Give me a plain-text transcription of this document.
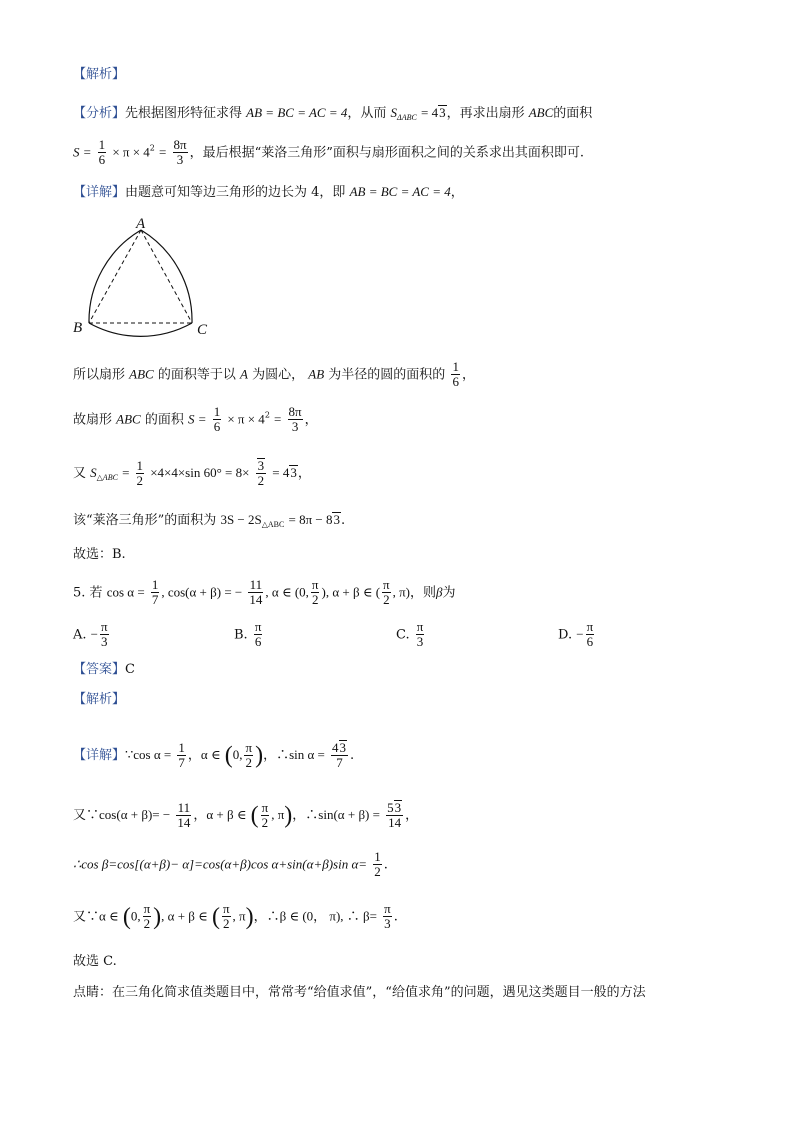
【解析】
【分析】先根据图形特征求得 AB = BC = AC = 4，从而 $S_{\Delta ABC} = 43$，再求出扇形 ABC的面积
$S = \frac{1}{6} \times \pi \times 4^2 = \frac{8\pi}{3}$ ，最后根据“莱洛三角形”面积与扇形面积之间的关系求出其面积即可.
【详解】由题意可知等边三角形的边长为 4，即 AB = BC = AC = 4，
A
B	C
所以扇形 ABC 的面积等于以 A 为圆心， AB 为半径的圆的面积的 $\frac{1}{6}$ ，
故扇形 ABC 的面积 $S = \frac{1}{6} \times \pi \times 4^2 = \frac{8\pi}{3}$ ，
又 $S_{\triangle ABC} = \frac{1}{2} \times 4\times 4\times\sin$ $60^\circ = 8\times \frac{3}{2} = 43$，
该“莱洛三角形”的面积为 $3S - 2S_{\triangle ABC} = 8\pi - 83$.
故选：B.
5. 若 $\cos \alpha = \frac{1}{7}$ , cos(α + β) = − $\frac{11}{14}$ , α ∈ (0, $\frac{\pi}{2}$ ), α + β ∈ ( $\frac{\pi}{2}$ , π)，则β为
A. − $\frac{\pi}{3}$	B. $\frac{\pi}{6}$	C. $\frac{\pi}{3}$	D. − $\frac{\pi}{6}$
【答案】C
【解析】
【详解】∵cos $\alpha = \frac{1}{7}$ ，α ∈ (0, $\frac{\pi}{2}$ )，∴sin $\alpha = \frac{43}{7}$ .
又∵cos(α + $\beta)= - \frac{11}{14}$ ，α + β ∈ ( $\frac{\pi}{2}$ , π)，∴sin(α + $\beta) = \frac{53}{14}$ ，
∴cos β=cos[(α+β)− α]=cos(α+β)cos α+sin(α+β)sin $\alpha= \frac{1}{2}$ .
又∵α ∈ (0, $\frac{\pi}{2}$ ), α + β ∈ ( $\frac{\pi}{2}$ , π)，∴β ∈ (0， π), ∴ $\beta= \frac{\pi}{3}$ .
故选 C.
点睛：在三角化简求值类题目中，常常考“给值求值”，“给值求角”的问题，遇见这类题目一般的方法
